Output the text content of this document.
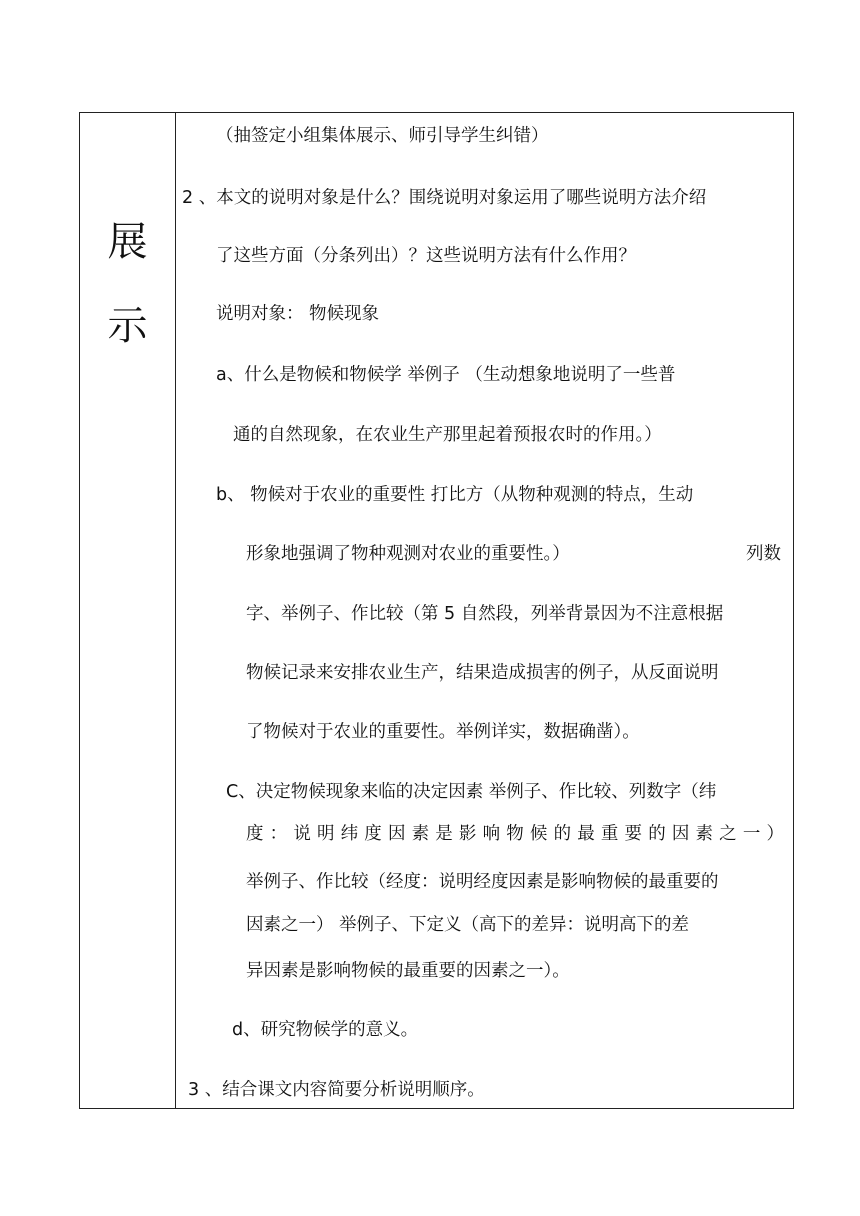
展
示
（抽签定小组集体展示、师引导学生纠错）
2 、本文的说明对象是什么？围绕说明对象运用了哪些说明方法介绍
了这些方面（分条列出）？这些说明方法有什么作用？
说明对象： 物候现象
a、什么是物候和物候学 举例子 （生动想象地说明了一些普
通的自然现象，在农业生产那里起着预报农时的作用。）
b、 物候对于农业的重要性 打比方（从物种观测的特点，生动
形象地强调了物种观测对农业的重要性。）	列数
字、举例子、作比较（第 5 自然段，列举背景因为不注意根据
物候记录来安排农业生产，结果造成损害的例子，从反面说明
了物候对于农业的重要性。举例详实，数据确凿）。
C、决定物候现象来临的决定因素 举例子、作比较、列数字（纬
度：说明纬度因素是影响物候的最重要的因素之一）
举例子、作比较（经度：说明经度因素是影响物候的最重要的
因素之一） 举例子、下定义（高下的差异：说明高下的差
异因素是影响物候的最重要的因素之一）。
d、研究物候学的意义。
3 、结合课文内容简要分析说明顺序。
